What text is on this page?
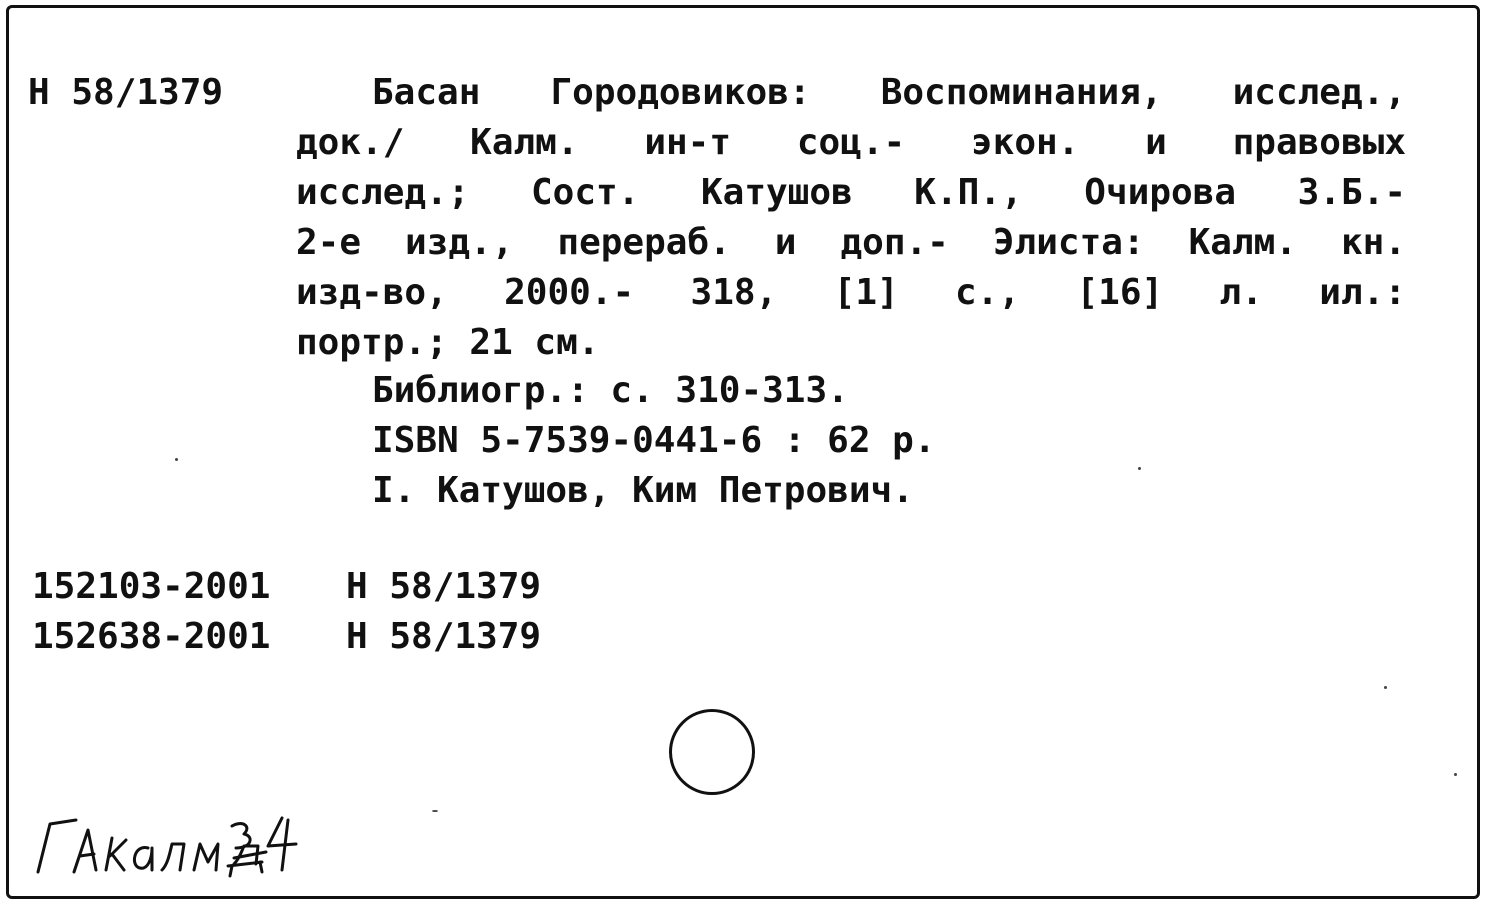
Н 58/1379	Басан Городовиков: Воспоминания, исслед.,
док./ Калм. ин-т соц.- экон. и правовых
исслед.; Сост. Катушов К.П., Очирова З.Б.-
2-е изд., перераб. и доп.- Элиста: Калм. кн.
изд-во, 2000.- 318, [1] с., [16] л. ил.:
портр.; 21 см.
Библиогр.: с. 310-313.
ISBN 5-7539-0441-6 : 62 р.
I. Катушов, Ким Петрович.
152103-2001 Н 58/1379
152638-2001 Н 58/1379
